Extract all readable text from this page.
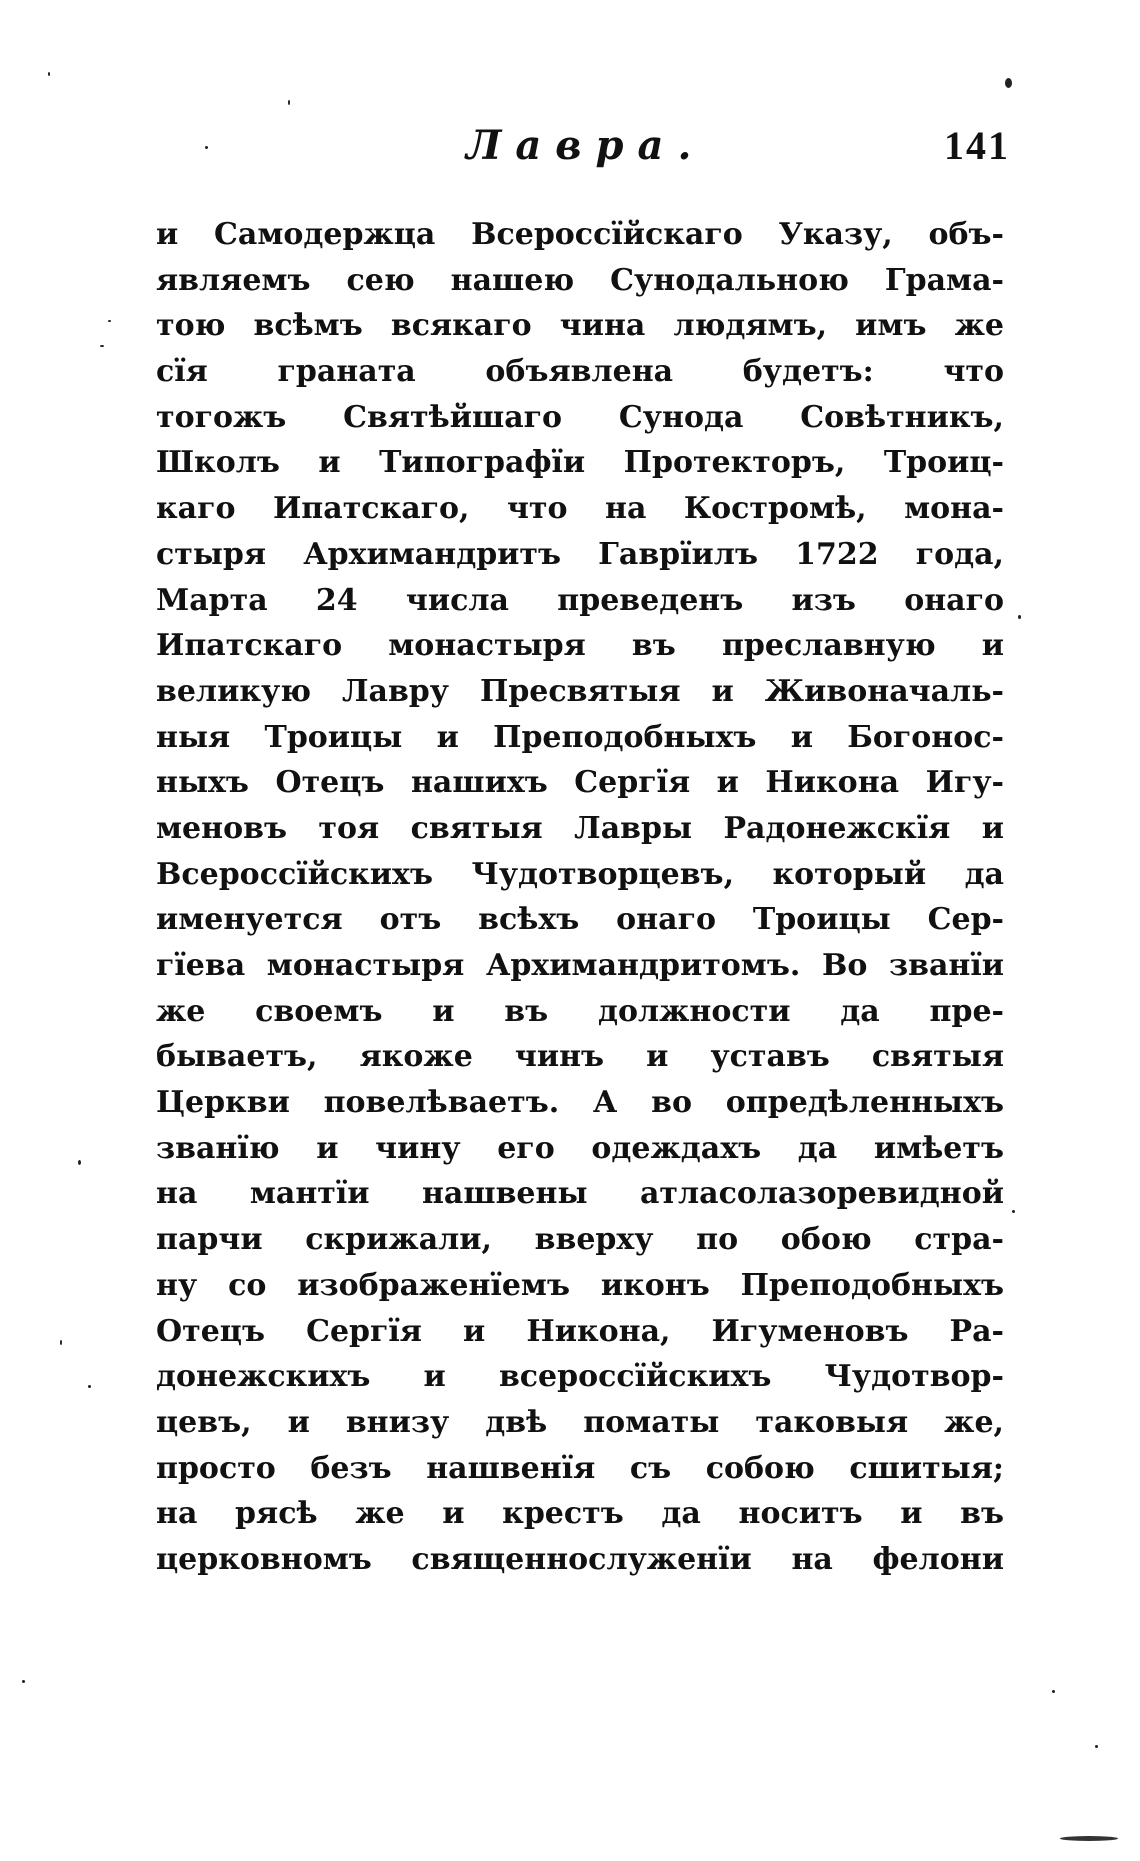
Лавра.	141
и Самодержца Всероссїйскаго Указу, объ-
являемъ сею нашею Сунодальною Грама-
тою всѣмъ всякаго чина людямъ, имъ же
сїя граната объявлена будетъ: что
тогожъ Святѣйшаго Сунода Совѣтникъ,
Школъ и Типографїи Протекторъ, Троиц-
каго Ипатскаго, что на Костромѣ, мона-
стыря Архимандритъ Гаврїилъ 1722 года,
Марта 24 числа преведенъ изъ онаго
Ипатскаго монастыря въ преславную и
великую Лавру Пресвятыя и Живоначаль-
ныя Троицы и Преподобныхъ и Богонос-
ныхъ Отецъ нашихъ Сергїя и Никона Игу-
меновъ тоя святыя Лавры Радонежскїя и
Всероссїйскихъ Чудотворцевъ, который да
именуется отъ всѣхъ онаго Троицы Сер-
гїева монастыря Архимандритомъ. Во званїи
же своемъ и въ должности да пре-
бываетъ, якоже чинъ и уставъ святыя
Церкви повелѣваетъ. А во опредѣленныхъ
званїю и чину его одеждахъ да имѣетъ
на мантїи нашвены атласолазоревидной
парчи скрижали, вверху по обою стра-
ну со изображенїемъ иконъ Преподобныхъ
Отецъ Сергїя и Никона, Игуменовъ Ра-
донежскихъ и всероссїйскихъ Чудотвор-
цевъ, и внизу двѣ поматы таковыя же,
просто безъ нашвенїя съ собою сшитыя;
на рясѣ же и крестъ да носитъ и въ
церковномъ священнослуженїи на фелони
